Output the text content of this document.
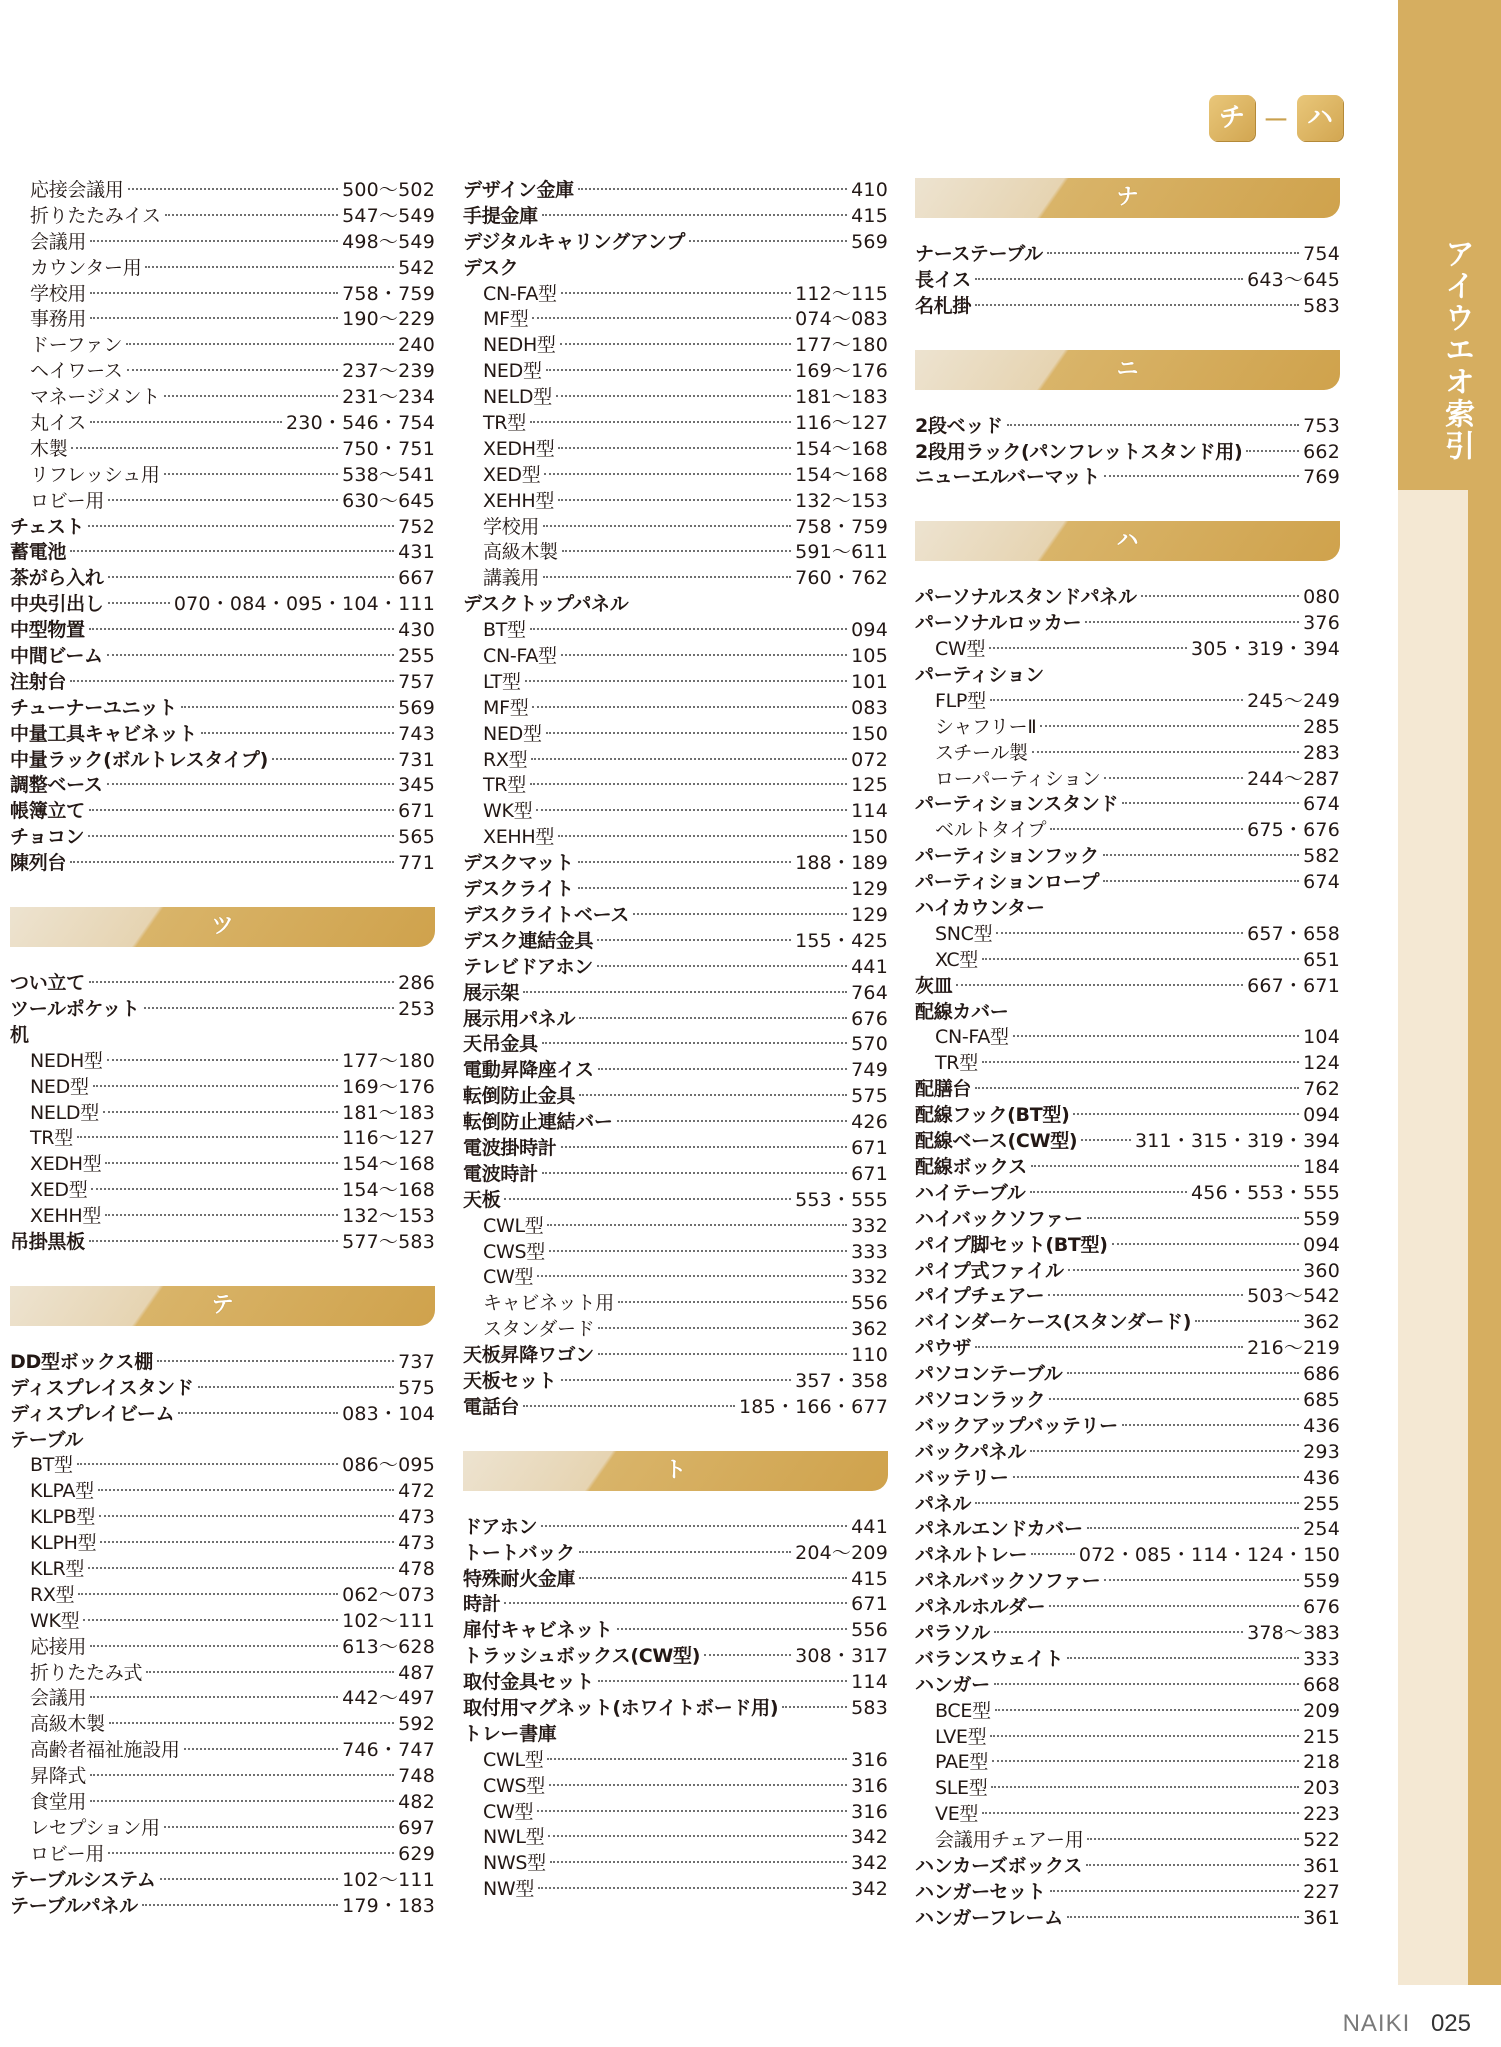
アイウエオ索引
チ － ハ
応接会議用	500〜502
折りたたみイス	547〜549
会議用	498〜549
カウンター用	542
学校用	758・759
事務用	190〜229
ドーファン	240
ヘイワース	237〜239
マネージメント	231〜234
丸イス	230・546・754
木製	750・751
リフレッシュ用	538〜541
ロビー用	630〜645
チェスト	752
蓄電池	431
茶がら入れ	667
中央引出し	070・084・095・104・111
中型物置	430
中間ビーム	255
注射台	757
チューナーユニット	569
中量工具キャビネット	743
中量ラック(ボルトレスタイプ)	731
調整ベース	345
帳簿立て	671
チョコン	565
陳列台	771
ツ
つい立て	286
ツールポケット	253
机
NEDH型	177〜180
NED型	169〜176
NELD型	181〜183
TR型	116〜127
XEDH型	154〜168
XED型	154〜168
XEHH型	132〜153
吊掛黒板	577〜583
テ
DD型ボックス棚	737
ディスプレイスタンド	575
ディスプレイビーム	083・104
テーブル
BT型	086〜095
KLPA型	472
KLPB型	473
KLPH型	473
KLR型	478
RX型	062〜073
WK型	102〜111
応接用	613〜628
折りたたみ式	487
会議用	442〜497
高級木製	592
高齢者福祉施設用	746・747
昇降式	748
食堂用	482
レセプション用	697
ロビー用	629
テーブルシステム	102〜111
テーブルパネル	179・183
デザイン金庫	410
手提金庫	415
デジタルキャリングアンプ	569
デスク
CN-FA型	112〜115
MF型	074〜083
NEDH型	177〜180
NED型	169〜176
NELD型	181〜183
TR型	116〜127
XEDH型	154〜168
XED型	154〜168
XEHH型	132〜153
学校用	758・759
高級木製	591〜611
講義用	760・762
デスクトップパネル
BT型	094
CN-FA型	105
LT型	101
MF型	083
NED型	150
RX型	072
TR型	125
WK型	114
XEHH型	150
デスクマット	188・189
デスクライト	129
デスクライトベース	129
デスク連結金具	155・425
テレビドアホン	441
展示架	764
展示用パネル	676
天吊金具	570
電動昇降座イス	749
転倒防止金具	575
転倒防止連結バー	426
電波掛時計	671
電波時計	671
天板	553・555
CWL型	332
CWS型	333
CW型	332
キャビネット用	556
スタンダード	362
天板昇降ワゴン	110
天板セット	357・358
電話台	185・166・677
ト
ドアホン	441
トートバック	204〜209
特殊耐火金庫	415
時計	671
扉付キャビネット	556
トラッシュボックス(CW型)	308・317
取付金具セット	114
取付用マグネット(ホワイトボード用)	583
トレー書庫
CWL型	316
CWS型	316
CW型	316
NWL型	342
NWS型	342
NW型	342
ナ
ナーステーブル	754
長イス	643〜645
名札掛	583
ニ
2段ベッド	753
2段用ラック(パンフレットスタンド用)	662
ニューエルバーマット	769
ハ
パーソナルスタンドパネル	080
パーソナルロッカー	376
CW型	305・319・394
パーティション
FLP型	245〜249
シャフリーⅡ	285
スチール製	283
ローパーティション	244〜287
パーティションスタンド	674
ベルトタイプ	675・676
パーティションフック	582
パーティションロープ	674
ハイカウンター
SNC型	657・658
XC型	651
灰皿	667・671
配線カバー
CN-FA型	104
TR型	124
配膳台	762
配線フック(BT型)	094
配線ベース(CW型)	311・315・319・394
配線ボックス	184
ハイテーブル	456・553・555
ハイバックソファー	559
パイプ脚セット(BT型)	094
パイプ式ファイル	360
パイプチェアー	503〜542
バインダーケース(スタンダード)	362
パウザ	216〜219
パソコンテーブル	686
パソコンラック	685
バックアップバッテリー	436
バックパネル	293
バッテリー	436
パネル	255
パネルエンドカバー	254
パネルトレー	072・085・114・124・150
パネルバックソファー	559
パネルホルダー	676
パラソル	378〜383
バランスウェイト	333
ハンガー	668
BCE型	209
LVE型	215
PAE型	218
SLE型	203
VE型	223
会議用チェアー用	522
ハンカーズボックス	361
ハンガーセット	227
ハンガーフレーム	361
NAIKI 025
